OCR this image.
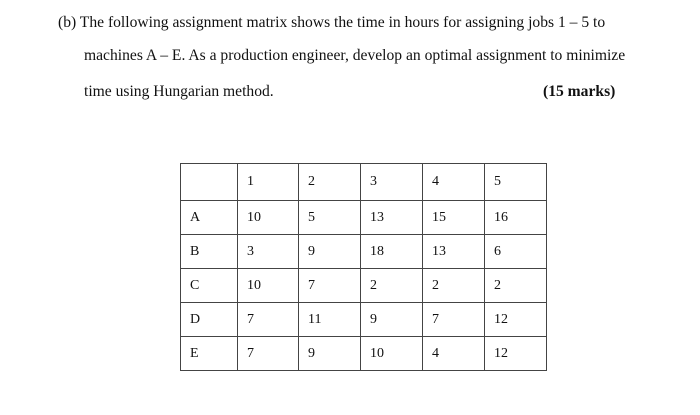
(b) The following assignment matrix shows the time in hours for assigning jobs 1 – 5 to
machines A – E. As a production engineer, develop an optimal assignment to minimize
time using Hungarian method.	(15 marks)
	1	2	3	4	5
A	10	5	13	15	16
B	3	9	18	13	6
C	10	7	2	2	2
D	7	11	9	7	12
E	7	9	10	4	12
